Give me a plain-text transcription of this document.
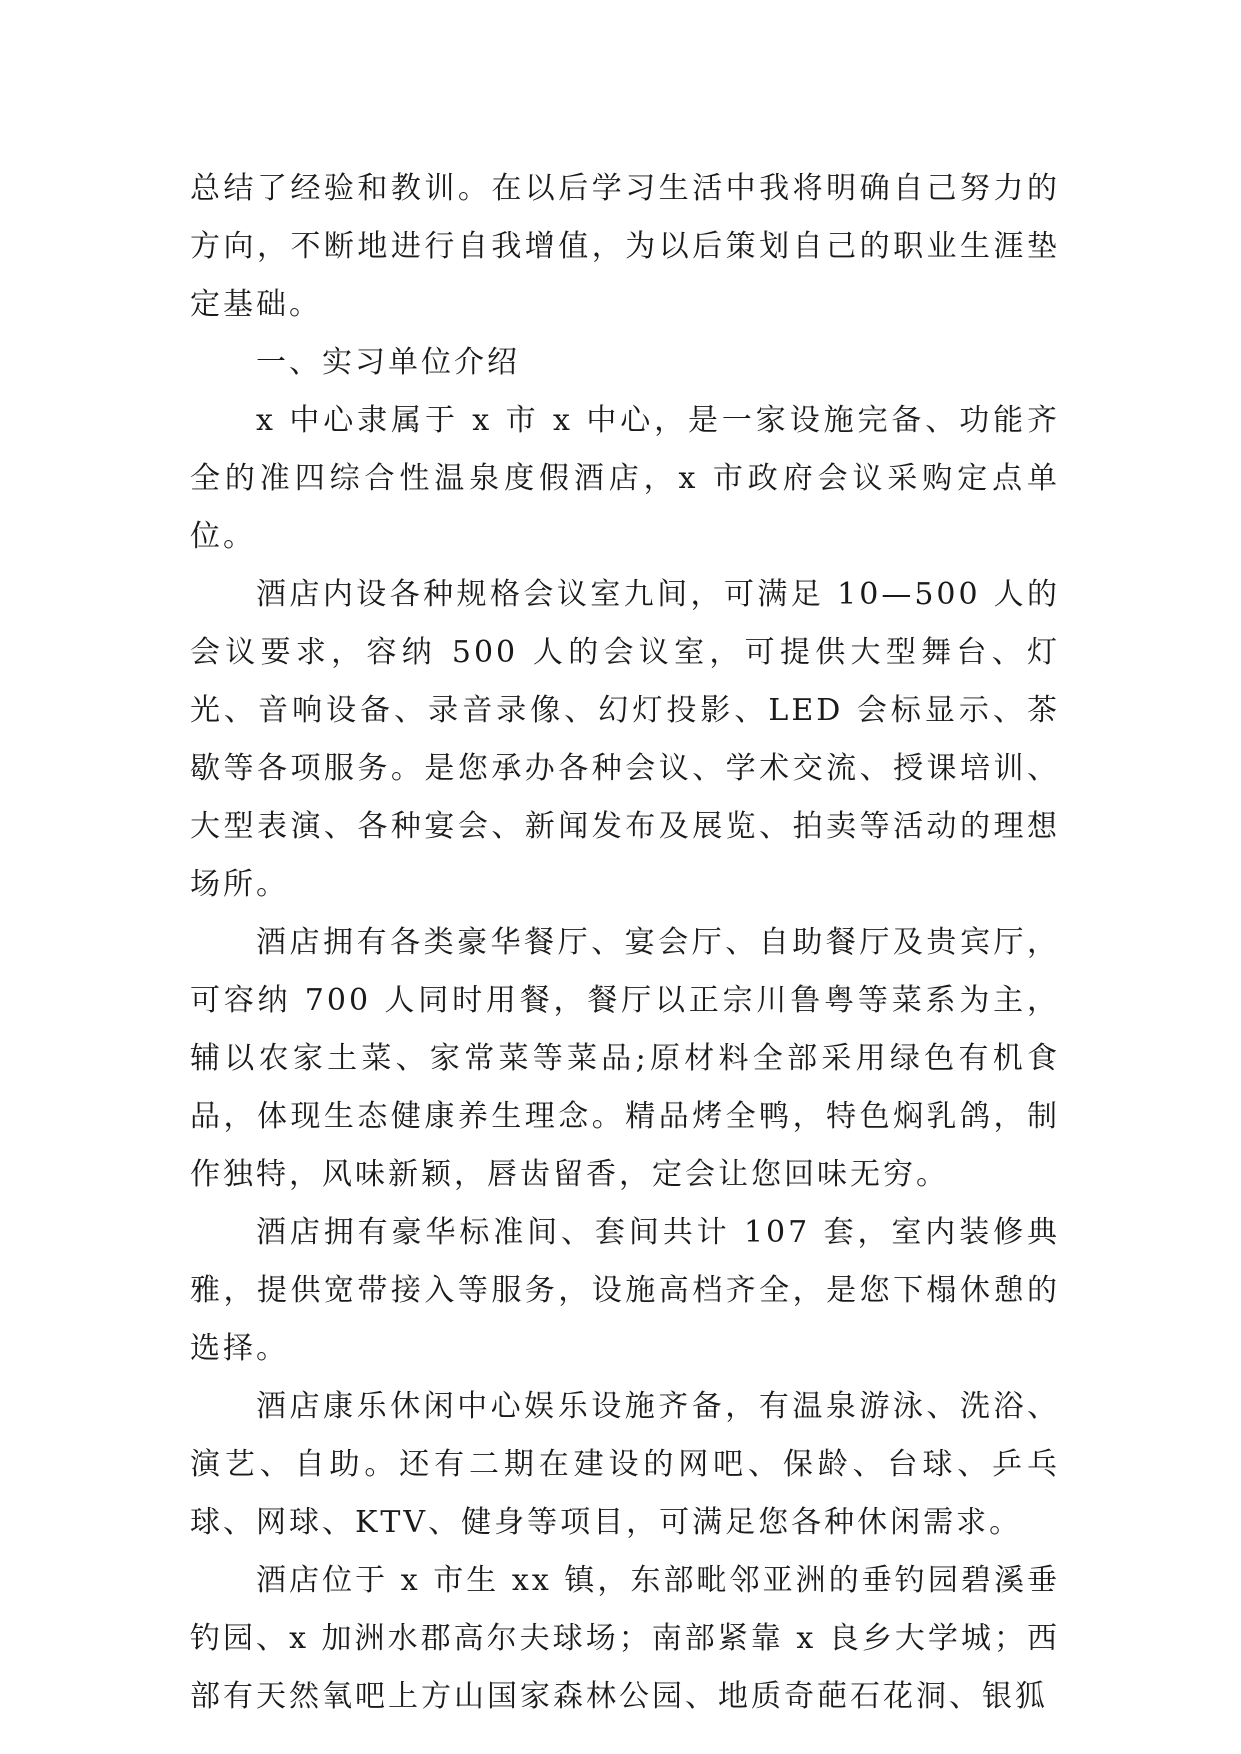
总结了经验和教训。在以后学习生活中我将明确自己努力的方向，不断地进行自我增值，为以后策划自己的职业生涯垫定基础。

一、实习单位介绍

x 中心隶属于 x 市 x 中心，是一家设施完备、功能齐全的准四综合性温泉度假酒店，x 市政府会议采购定点单位。

酒店内设各种规格会议室九间，可满足 10—500 人的会议要求，容纳 500 人的会议室，可提供大型舞台、灯光、音响设备、录音录像、幻灯投影、LED 会标显示、茶歇等各项服务。是您承办各种会议、学术交流、授课培训、大型表演、各种宴会、新闻发布及展览、拍卖等活动的理想场所。

酒店拥有各类豪华餐厅、宴会厅、自助餐厅及贵宾厅，可容纳 700 人同时用餐，餐厅以正宗川鲁粤等菜系为主，辅以农家土菜、家常菜等菜品;原材料全部采用绿色有机食品，体现生态健康养生理念。精品烤全鸭，特色焖乳鸽，制作独特，风味新颖，唇齿留香，定会让您回味无穷。

酒店拥有豪华标准间、套间共计 107 套，室内装修典雅，提供宽带接入等服务，设施高档齐全，是您下榻休憩的选择。

酒店康乐休闲中心娱乐设施齐备，有温泉游泳、洗浴、演艺、自助。还有二期在建设的网吧、保龄、台球、乒乓球、网球、KTV、健身等项目，可满足您各种休闲需求。

酒店位于 x 市生 xx 镇，东部毗邻亚洲的垂钓园碧溪垂钓园、x 加洲水郡高尔夫球场；南部紧靠 x 良乡大学城；西部有天然氧吧上方山国家森林公园、地质奇葩石花洞、银狐
